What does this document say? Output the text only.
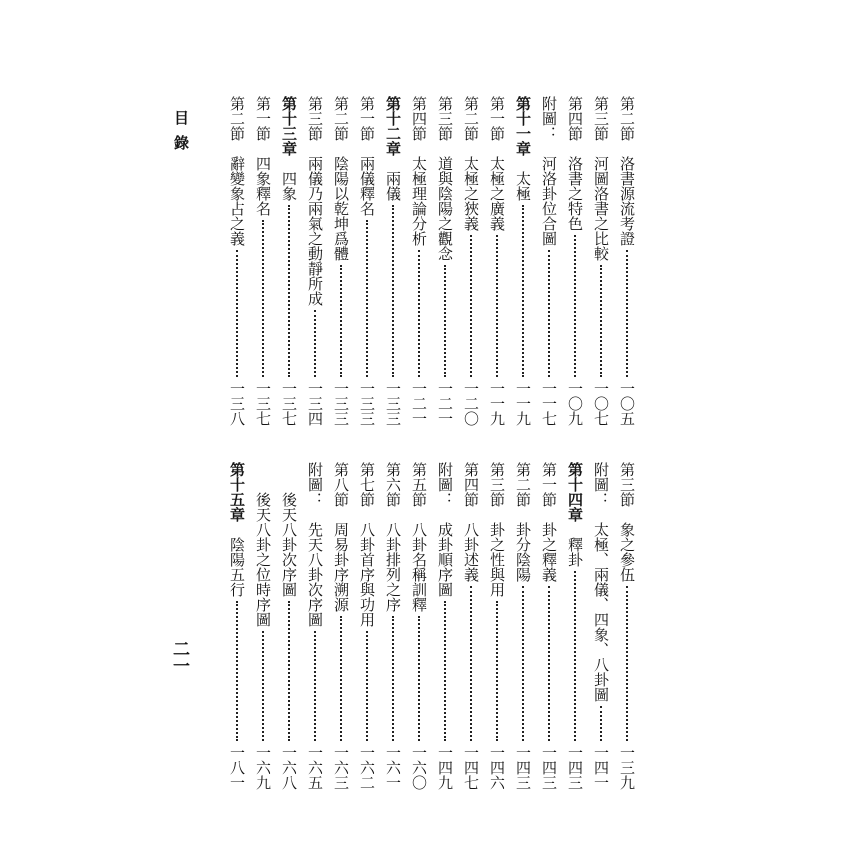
目錄
二一
第二節　洛書源流考證
一〇五
第三節　河圖洛書之比較
一〇七
第四節　洛書之特色
一〇九
附圖：　河洛卦位合圖
一一七
第十一章　太極
一一九
第一節　太極之廣義
一一九
第二節　太極之狹義
一二〇
第三節　道與陰陽之觀念
一二一
第四節　太極理論分析
一二一
第十二章　兩儀
一三三
第一節　兩儀釋名
一三三
第二節　陰陽以乾坤爲體
一三三
第三節　兩儀乃兩氣之動靜所成
一三四
第十三章　四象
一三七
第一節　四象釋名
一三七
第二節　辭變象占之義
一三八
第三節　象之參伍
一三九
附圖：　太極、兩儀、四象、八卦圖
一四一
第十四章　釋卦
一四三
第一節　卦之釋義
一四三
第二節　卦分陰陽
一四三
第三節　卦之性與用
一四六
第四節　八卦述義
一四七
附圖：　成卦順序圖
一四九
第五節　八卦名稱訓釋
一六〇
第六節　八卦排列之序
一六一
第七節　八卦首序與功用
一六二
第八節　周易卦序溯源
一六三
附圖：　先天八卦次序圖
一六五
　　後天八卦次序圖
一六八
　　後天八卦之位時序圖
一六九
第十五章　陰陽五行
一八一
